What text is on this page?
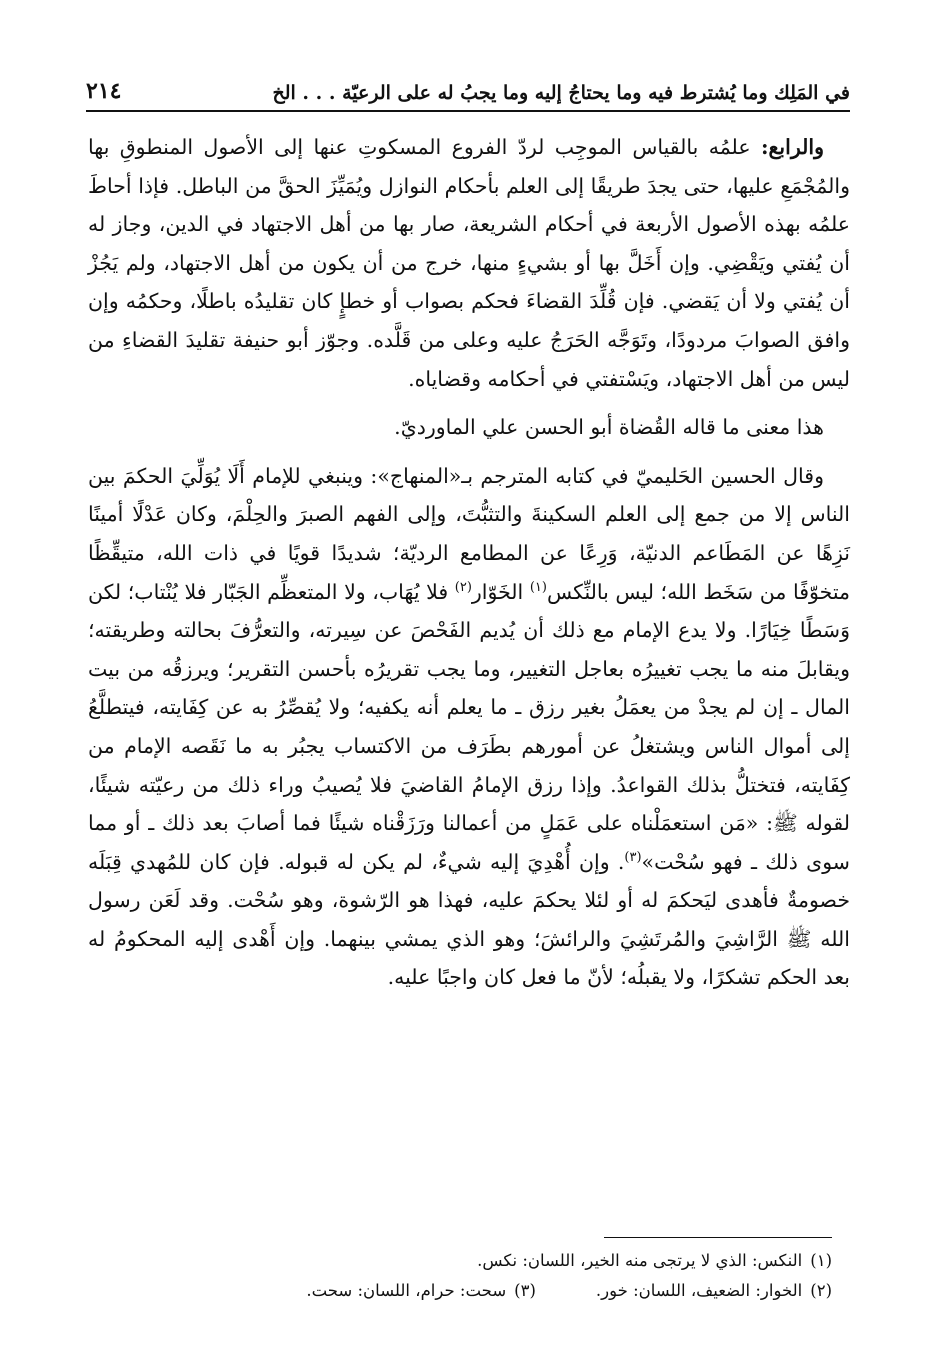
في المَلِك وما يُشترط فيه وما يحتاجُ إليه وما يجبُ له على الرعيّة . . . الخ
٢١٤

والرابع: علمُه بالقياس الموجِب لردّ الفروع المسكوتِ عنها إلى الأصول المنطوقِ بها والمُجْمَعِ عليها، حتى يجدَ طريقًا إلى العلم بأحكام النوازل ويُمَيِّزَ الحقَّ من الباطل. فإذا أحاطَ علمُه بهذه الأصول الأربعة في أحكام الشريعة، صار بها من أهل الاجتهاد في الدين، وجاز له أن يُفتي ويَقْضِي. وإن أَخَلَّ بها أو بشيءٍ منها، خرج من أن يكون من أهل الاجتهاد، ولم يَجُزْ أن يُفتي ولا أن يَقضي. فإن قُلِّدَ القضاءَ فحكم بصواب أو خطإٍ كان تقليدُه باطلًا، وحكمُه وإن وافق الصوابَ مردودًا، وتَوَجَّه الحَرَجُ عليه وعلى من قَلَّده. وجوّز أبو حنيفة تقليدَ القضاءِ من ليس من أهل الاجتهاد، ويَسْتفتي في أحكامه وقضاياه.

هذا معنى ما قاله القُضاة أبو الحسن علي الماورديّ.

وقال الحسين الحَليميّ في كتابه المترجم بـ«المنهاج»: وينبغي للإمام أَلَا يُوَلِّيَ الحكمَ بين الناس إلا من جمع إلى العلم السكينةَ والتثبُّتَ، وإلى الفهم الصبرَ والحِلْمَ، وكان عَدْلًا أمينًا نَزِهًا عن المَطَاعم الدنيّة، وَرِعًا عن المطامع الرديّة؛ شديدًا قويًا في ذات الله، متيقِّظًا متخوّفًا من سَخَط الله؛ ليس بالنِّكس$^{(١)}$ الخَوّار$^{(٢)}$ فلا يُهَاب، ولا المتعظِّم الجَبّار فلا يُنْتاب؛ لكن وَسَطًا خِيَارًا. ولا يدع الإمام مع ذلك أن يُديم الفَحْصَ عن سِيرته، والتعرُّفَ بحالته وطريقته؛ ويقابلَ منه ما يجب تغييرُه بعاجل التغيير، وما يجب تقريرُه بأحسن التقرير؛ ويرزقُه من بيت المال ـ إن لم يجدْ من يعمَلُ بغير رزق ـ ما يعلم أنه يكفيه؛ ولا يُقصِّرُ به عن كِفَايته، فيتطلَّعُ إلى أموال الناس ويشتغلُ عن أمورهم بطَرَف من الاكتساب يجبُر به ما نَقَصه الإمام من كِفَايته، فتختلُّ بذلك القواعدُ. وإذا رزق الإمامُ القاضيَ فلا يُصيبُ وراء ذلك من رعيّته شيئًا، لقوله ﷺ: «مَن استعمَلْناه على عَمَلٍ من أعمالنا ورَزَقْناه شيئًا فما أصابَ بعد ذلك ـ أو مما سوى ذلك ـ فهو سُحْت»$^{(٣)}$. وإن أُهْدِيَ إليه شيءٌ، لم يكن له قبوله. فإن كان للمُهدي قِبَلَه خصومةٌ فأهدى ليَحكمَ له أو لئلا يحكمَ عليه، فهذا هو الرّشوة، وهو سُحْت. وقد لَعَن رسول الله ﷺ الرَّاشِيَ والمُرتَشِيَ والرائشَ؛ وهو الذي يمشي بينهما. وإن أَهْدى إليه المحكومُ له بعد الحكم تشكرًا، ولا يقبلُه؛ لأنّ ما فعل كان واجبًا عليه.

(١)النكس: الذي لا يرتجى منه الخير، اللسان: نكس.
(٢)الخوار: الضعيف، اللسان: خور.(٣)سحت: حرام، اللسان: سحت.
